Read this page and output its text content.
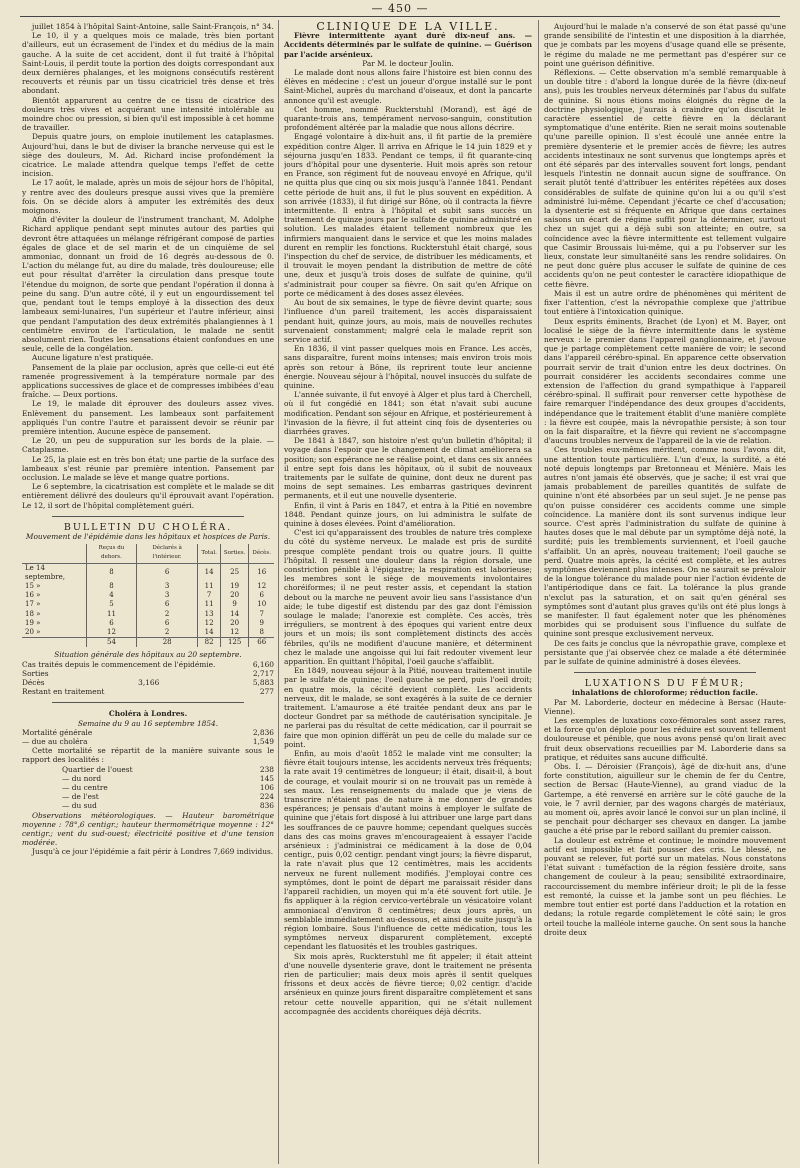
— 450 —

juillet 1854 à l'hôpital Saint-Antoine, salle Saint-François, n° 34.

Le 10, il y a quelques mois ce malade, très bien portant d'ailleurs, eut un écrasement de l'index et du médius de la main gauche. A la suite de cet accident, dont il fut traité à l'hôpital Saint-Louis, il perdit toute la portion des doigts correspondant aux deux dernières phalanges, et les moignons consécutifs restèrent recouverts et réunis par un tissu cicatriciel très dense et très abondant.

Bientôt apparurent au centre de ce tissu de cicatrice des douleurs très vives et acquérant une intensité intolérable au moindre choc ou pression, si bien qu'il est impossible à cet homme de travailler.

Depuis quatre jours, on emploie inutilement les cataplasmes. Aujourd'hui, dans le but de diviser la branche nerveuse qui est le siège des douleurs, M. Ad. Richard incise profondément la cicatrice. Le malade attendra quelque temps l'effet de cette incision.

Le 17 août, le malade, après un mois de séjour hors de l'hôpital, y rentre avec des douleurs presque aussi vives que la première fois. On se décide alors à amputer les extrémités des deux moignons.

Afin d'éviter la douleur de l'instrument tranchant, M. Adolphe Richard applique pendant sept minutes autour des parties qui devront être attaquées un mélange réfrigérant composé de parties égales de glace et de sel marin et de un cinquième de sel ammoniac, donnant un froid de 16 degrés au-dessous de 0. L'action du mélange fut, au dire du malade, très douloureuse; elle eut pour résultat d'arrêter la circulation dans presque toute l'étendue du moignon, de sorte que pendant l'opération il donna à peine du sang. D'un autre côté, il y eut un engourdissement tel que, pendant tout le temps employé à la dissection des deux lambeaux semi-lunaires, l'un supérieur et l'autre inférieur, ainsi que pendant l'amputation des deux extrémités phalangiennes à 1 centimètre environ de l'articulation, le malade ne sentit absolument rien. Toutes les sensations étaient confondues en une seule, celle de la congélation.

Aucune ligature n'est pratiquée.

Pansement de la plaie par occlusion, après que celle-ci eut été ramenée progressivement à la température normale par des applications successives de glace et de compresses imbibées d'eau fraîche. — Deux portions.

Le 19, le malade dit éprouver des douleurs assez vives. Enlèvement du pansement. Les lambeaux sont parfaitement appliqués l'un contre l'autre et paraissent devoir se réunir par première intention. Aucune espèce de pansement.

Le 20, un peu de suppuration sur les bords de la plaie. — Cataplasme.

Le 25, la plaie est en très bon état; une partie de la surface des lambeaux s'est réunie par première intention. Pansement par occlusion. Le malade se lève et mange quatre portions.

Le 6 septembre, la cicatrisation est complète et le malade se dit entièrement délivré des douleurs qu'il éprouvait avant l'opération. Le 12, il sort de l'hôpital complètement guéri.

BULLETIN DU CHOLÉRA.

Mouvement de l'épidémie dans les hôpitaux et hospices de Paris.

	Reçus du dehors.	Déclarés à l'intérieur.	Total.	Sorties.	Décès.
Le 14 septembre,	8	6	14	25	16
15 »	8	3	11	19	12
16 »	4	3	7	20	6
17 »	5	6	11	9	10
18 »	11	2	13	14	7
19 »	6	6	12	20	9
20 »	12	2	14	12	8
	54	28	82	125	66

Situation générale des hôpitaux au 20 septembre.

Cas traités depuis le commencement de l'épidémie.	6,160
Sorties	2,717
Décès	3,166	5,883
Restant en traitement	277

Choléra à Londres.

Semaine du 9 au 16 septembre 1854.

Mortalité générale	2,836
— due au choléra	1,549

Cette mortalité se répartit de la manière suivante sous le rapport des localités :

Quartier de l'ouest	238
— du nord	145
— du centre	106
— de l'est	224
— du sud	836

Observations météorologiques. — Hauteur barométrique moyenne : 78°,6 centigr.; hauteur thermométrique moyenne : 12° centigr.; vent du sud-ouest; électricité positive et d'une tension modérée.

Jusqu'à ce jour l'épidémie a fait périr à Londres 7,669 individus.

CLINIQUE DE LA VILLE.

Fièvre intermittente ayant duré dix-neuf ans. — Accidents déterminés par le sulfate de quinine. — Guérison par l'acide arsénieux.

Par M. le docteur Joulin.

Le malade dont nous allons faire l'histoire est bien connu des élèves en médecine : c'est un joueur d'orgue installé sur le pont Saint-Michel, auprès du marchand d'oiseaux, et dont la pancarte annonce qu'il est aveugle.

Cet homme, nommé Ruckterstuhl (Morand), est âgé de quarante-trois ans, tempérament nervoso-sanguin, constitution profondément altérée par la maladie que nous allons décrire.

Engagé volontaire à dix-huit ans, il fit partie de la première expédition contre Alger. Il arriva en Afrique le 14 juin 1829 et y séjourna jusqu'en 1833. Pendant ce temps, il fit quarante-cinq jours d'hôpital pour une dysenterie. Huit mois après son retour en France, son régiment fut de nouveau envoyé en Afrique, qu'il ne quitta plus que cinq ou six mois jusqu'à l'année 1841. Pendant cette période de huit ans, il fut le plus souvent en expédition. A son arrivée (1833), il fut dirigé sur Bône, où il contracta la fièvre intermittente. Il entra à l'hôpital et subit sans succès un traitement de quinze jours par le sulfate de quinine administré en solution. Les malades étaient tellement nombreux que les infirmiers manquaient dans le service et que les moins malades durent en remplir les fonctions. Ruckterstuhl était chargé, sous l'inspection du chef de service, de distribuer les médicaments, et il trouvait le moyen pendant la distribution de mettre de côté une, deux et jusqu'à trois doses de sulfate de quinine, qu'il s'administrait pour couper sa fièvre. On sait qu'en Afrique on porte ce médicament à des doses assez élevées.

Au bout de six semaines, le type de fièvre devint quarte; sous l'influence d'un pareil traitement, les accès disparaissaient pendant huit, quinze jours, au mois, mais de nouvelles rechutes survenaient constamment; malgré cela le malade reprit son service actif.

En 1836, il vint passer quelques mois en France. Les accès, sans disparaître, furent moins intenses; mais environ trois mois après son retour à Bône, ils reprirent toute leur ancienne énergie. Nouveau séjour à l'hôpital, nouvel insuccès du sulfate de quinine.

L'année suivante, il fut envoyé à Alger et plus tard à Cherchell, où il fut congédié en 1841; son état n'avait subi aucune modification. Pendant son séjour en Afrique, et postérieurement à l'invasion de la fièvre, il fut atteint cinq fois de dysenteries ou diarrhées graves.

De 1841 à 1847, son histoire n'est qu'un bulletin d'hôpital; il voyage dans l'espoir que le changement de climat améliorera sa position; son espérance ne se réalise point, et dans ces six années il entre sept fois dans les hôpitaux, où il subit de nouveaux traitements par le sulfate de quinine, dont deux ne durent pas moins de sept semaines. Les embarras gastriques devinrent permanents, et il eut une nouvelle dysenterie.

Enfin, il vint à Paris en 1847, et entra à la Pitié en novembre 1848. Pendant quinze jours, on lui administra le sulfate de quinine à doses élevées. Point d'amélioration.

C'est ici qu'apparaissent des troubles de nature très complexe du côté du système nerveux. Le malade est pris de surdité presque complète pendant trois ou quatre jours. Il quitte l'hôpital. Il ressent une douleur dans la région dorsale, une constriction pénible à l'épigastre; la respiration est laborieuse; les membres sont le siège de mouvements involontaires choréiformes; il ne peut rester assis, et cependant la station debout ou la marche ne peuvent avoir lieu sans l'assistance d'un aide; le tube digestif est distendu par des gaz dont l'émission soulage le malade; l'anorexie est complète. Ces accès, très irréguliers, se montrent à des époques qui varient entre deux jours et un mois; ils sont complètement distincts des accès fébriles, qu'ils ne modifient d'aucune manière, et déterminent chez le malade une angoisse qui lui fait redouter vivement leur apparition. En quittant l'hôpital, l'oeil gauche s'affaiblit.

En 1849, nouveau séjour à la Pitié, nouveau traitement inutile par le sulfate de quinine; l'oeil gauche se perd, puis l'oeil droit; en quatre mois, la cécité devient complète. Les accidents nerveux, dit le malade, se sont exagérés à la suite de ce dernier traitement. L'amaurose a été traitée pendant deux ans par le docteur Gondret par sa méthode de cautérisation syncipitale. Je ne parlerai pas du résultat de cette médication, car il pourrait se faire que mon opinion différât un peu de celle du malade sur ce point.

Enfin, au mois d'août 1852 le malade vint me consulter; la fièvre était toujours intense, les accidents nerveux très fréquents; la rate avait 19 centimètres de longueur; il était, disait-il, à bout de courage, et voulait mourir si on ne trouvait pas un remède à ses maux. Les renseignements du malade que je viens de transcrire n'étaient pas de nature à me donner de grandes espérances; je pensais d'autant moins à employer le sulfate de quinine que j'étais fort disposé à lui attribuer une large part dans les souffrances de ce pauvre homme; cependant quelques succès dans des cas moins graves m'encourageaient à essayer l'acide arsénieux : j'administrai ce médicament à la dose de 0,04 centigr., puis 0,02 centigr. pendant vingt jours; la fièvre disparut, la rate n'avait plus que 12 centimètres, mais les accidents nerveux ne furent nullement modifiés. J'employai contre ces symptômes, dont le point de départ me paraissait résider dans l'appareil rachidien, un moyen qui m'a été souvent fort utile. Je fis appliquer à la région cervico-vertébrale un vésicatoire volant ammoniacal d'environ 8 centimètres; deux jours après, un semblable immédiatement au-dessous, et ainsi de suite jusqu'à la région lombaire. Sous l'influence de cette médication, tous les symptômes nerveux disparurent complètement, excepté cependant les flatuosités et les troubles gastriques.

Six mois après, Ruckterstuhl me fit appeler; il était atteint d'une nouvelle dysenterie grave, dont le traitement ne présenta rien de particulier; mais deux mois après il sentit quelques frissons et deux accès de fièvre tierce; 0,02 centigr. d'acide arsénieux en quinze jours firent disparaître complètement et sans retour cette nouvelle apparition, qui ne s'était nullement accompagnée des accidents choréiques déjà décrits.

Aujourd'hui le malade n'a conservé de son état passé qu'une grande sensibilité de l'intestin et une disposition à la diarrhée, que je combats par les moyens d'usage quand elle se présente, le régime du malade ne me permettant pas d'espérer sur ce point une guérison définitive.

Réflexions. — Cette observation m'a semblé remarquable à un double titre : d'abord la longue durée de la fièvre (dix-neuf ans), puis les troubles nerveux déterminés par l'abus du sulfate de quinine. Si nous étions moins éloignés du règne de la doctrine physiologique, j'aurais à craindre qu'on discutât le caractère essentiel de cette fièvre en la déclarant symptomatique d'une entérite. Rien ne serait moins soutenable qu'une pareille opinion. Il s'est écoulé une année entre la première dysenterie et le premier accès de fièvre; les autres accidents intestinaux ne sont survenus que longtemps après et ont été séparés par des intervalles souvent fort longs, pendant lesquels l'intestin ne donnait aucun signe de souffrance. On serait plutôt tenté d'attribuer les entérites répétées aux doses considérables de sulfate de quinine qu'on lui a ou qu'il s'est administré lui-même. Cependant j'écarte ce chef d'accusation; la dysenterie est si fréquente en Afrique que dans certaines saisons un écart de régime suffit pour la déterminer, surtout chez un sujet qui a déjà subi son atteinte; en outre, sa coïncidence avec la fièvre intermittente est tellement vulgaire que Casimir Broussais lui-même, qui a pu l'observer sur les lieux, constate leur simultanéité sans les rendre solidaires. On ne peut donc guère plus accuser le sulfate de quinine de ces accidents qu'on ne peut contester le caractère idiopathique de cette fièvre.

Mais il est un autre ordre de phénomènes qui méritent de fixer l'attention, c'est la névropathie complexe que j'attribue tout entière à l'intoxication quinique.

Deux esprits éminents, Brachet (de Lyon) et M. Bayer, ont localisé le siège de la fièvre intermittente dans le système nerveux : le premier dans l'appareil ganglionnaire, et j'avoue que je partage complètement cette manière de voir; le second dans l'appareil cérébro-spinal. En apparence cette observation pourrait servir de trait d'union entre les deux doctrines. On pourrait considérer les accidents secondaires comme une extension de l'affection du grand sympathique à l'appareil cérébro-spinal. Il suffirait pour renverser cette hypothèse de faire remarquer l'indépendance des deux groupes d'accidents, indépendance que le traitement établit d'une manière complète : la fièvre est coupée, mais la névropathie persiste; à son tour on la fait disparaître, et la fièvre qui revient ne s'accompagne d'aucuns troubles nerveux de l'appareil de la vie de relation.

Ces troubles eux-mêmes méritent, comme nous l'avons dit, une attention toute particulière. L'un d'eux, la surdité, a été noté depuis longtemps par Bretonneau et Ménière. Mais les autres n'ont jamais été observés, que je sache; il est vrai que jamais probablement de pareilles quantités de sulfate de quinine n'ont été absorbées par un seul sujet. Je ne pense pas qu'on puisse considérer ces accidents comme une simple coïncidence. La manière dont ils sont survenus indique leur source. C'est après l'administration du sulfate de quinine à hautes doses que le mal débute par un symptôme déjà noté, la surdité; puis les tremblements surviennent, et l'oeil gauche s'affaiblit. Un an après, nouveau traitement; l'oeil gauche se perd. Quatre mois après, la cécité est complète, et les autres symptômes deviennent plus intenses. On ne saurait se prévaloir de la longue tolérance du malade pour nier l'action évidente de l'antipériodique dans ce fait. La tolérance la plus grande n'exclut pas la saturation, et on sait qu'en général ses symptômes sont d'autant plus graves qu'ils ont été plus longs à se manifester. Il faut également noter que les phénomènes morbides qui se produisent sous l'influence du sulfate de quinine sont presque exclusivement nerveux.

De ces faits je conclus que la névropathie grave, complexe et persistante que j'ai observée chez ce malade a été déterminée par le sulfate de quinine administré à doses élevées.

LUXATIONS DU FÉMUR;

inhalations de chloroforme; réduction facile.

Par M. Laborderie, docteur en médecine à Bersac (Haute-Vienne).

Les exemples de luxations coxo-fémorales sont assez rares, et la force qu'on déploie pour les réduire est souvent tellement douloureuse et pénible, que nous avons pensé qu'on lirait avec fruit deux observations recueillies par M. Laborderie dans sa pratique, et réduites sans aucune difficulté.

Obs. I. — Déroisier (François), âgé de dix-huit ans, d'une forte constitution, aiguilleur sur le chemin de fer du Centre, section de Bersac (Haute-Vienne), au grand viaduc de la Gartempe, a été renversé en arrière sur le côté gauche de la voie, le 7 avril dernier, par des wagons chargés de matériaux, au moment où, après avoir lancé le convoi sur un plan incliné, il se penchait pour décharger ses chevaux en danger. La jambe gauche a été prise par le rebord saillant du premier caisson.

La douleur est extrême et continue; le moindre mouvement actif est impossible et fait pousser des cris. Le blessé, ne pouvant se relever, fut porté sur un matelas. Nous constatons l'état suivant : tuméfaction de la région fessière droite, sans changement de couleur à la peau; sensibilité extraordinaire, raccourcissement du membre inférieur droit; le pli de la fesse est remonté, la cuisse et la jambe sont un peu fléchies. Le membre tout entier est porté dans l'adduction et la rotation en dedans; la rotule regarde complètement le côté sain; le gros orteil touche la malléole interne gauche. On sent sous la hanche droite deux
